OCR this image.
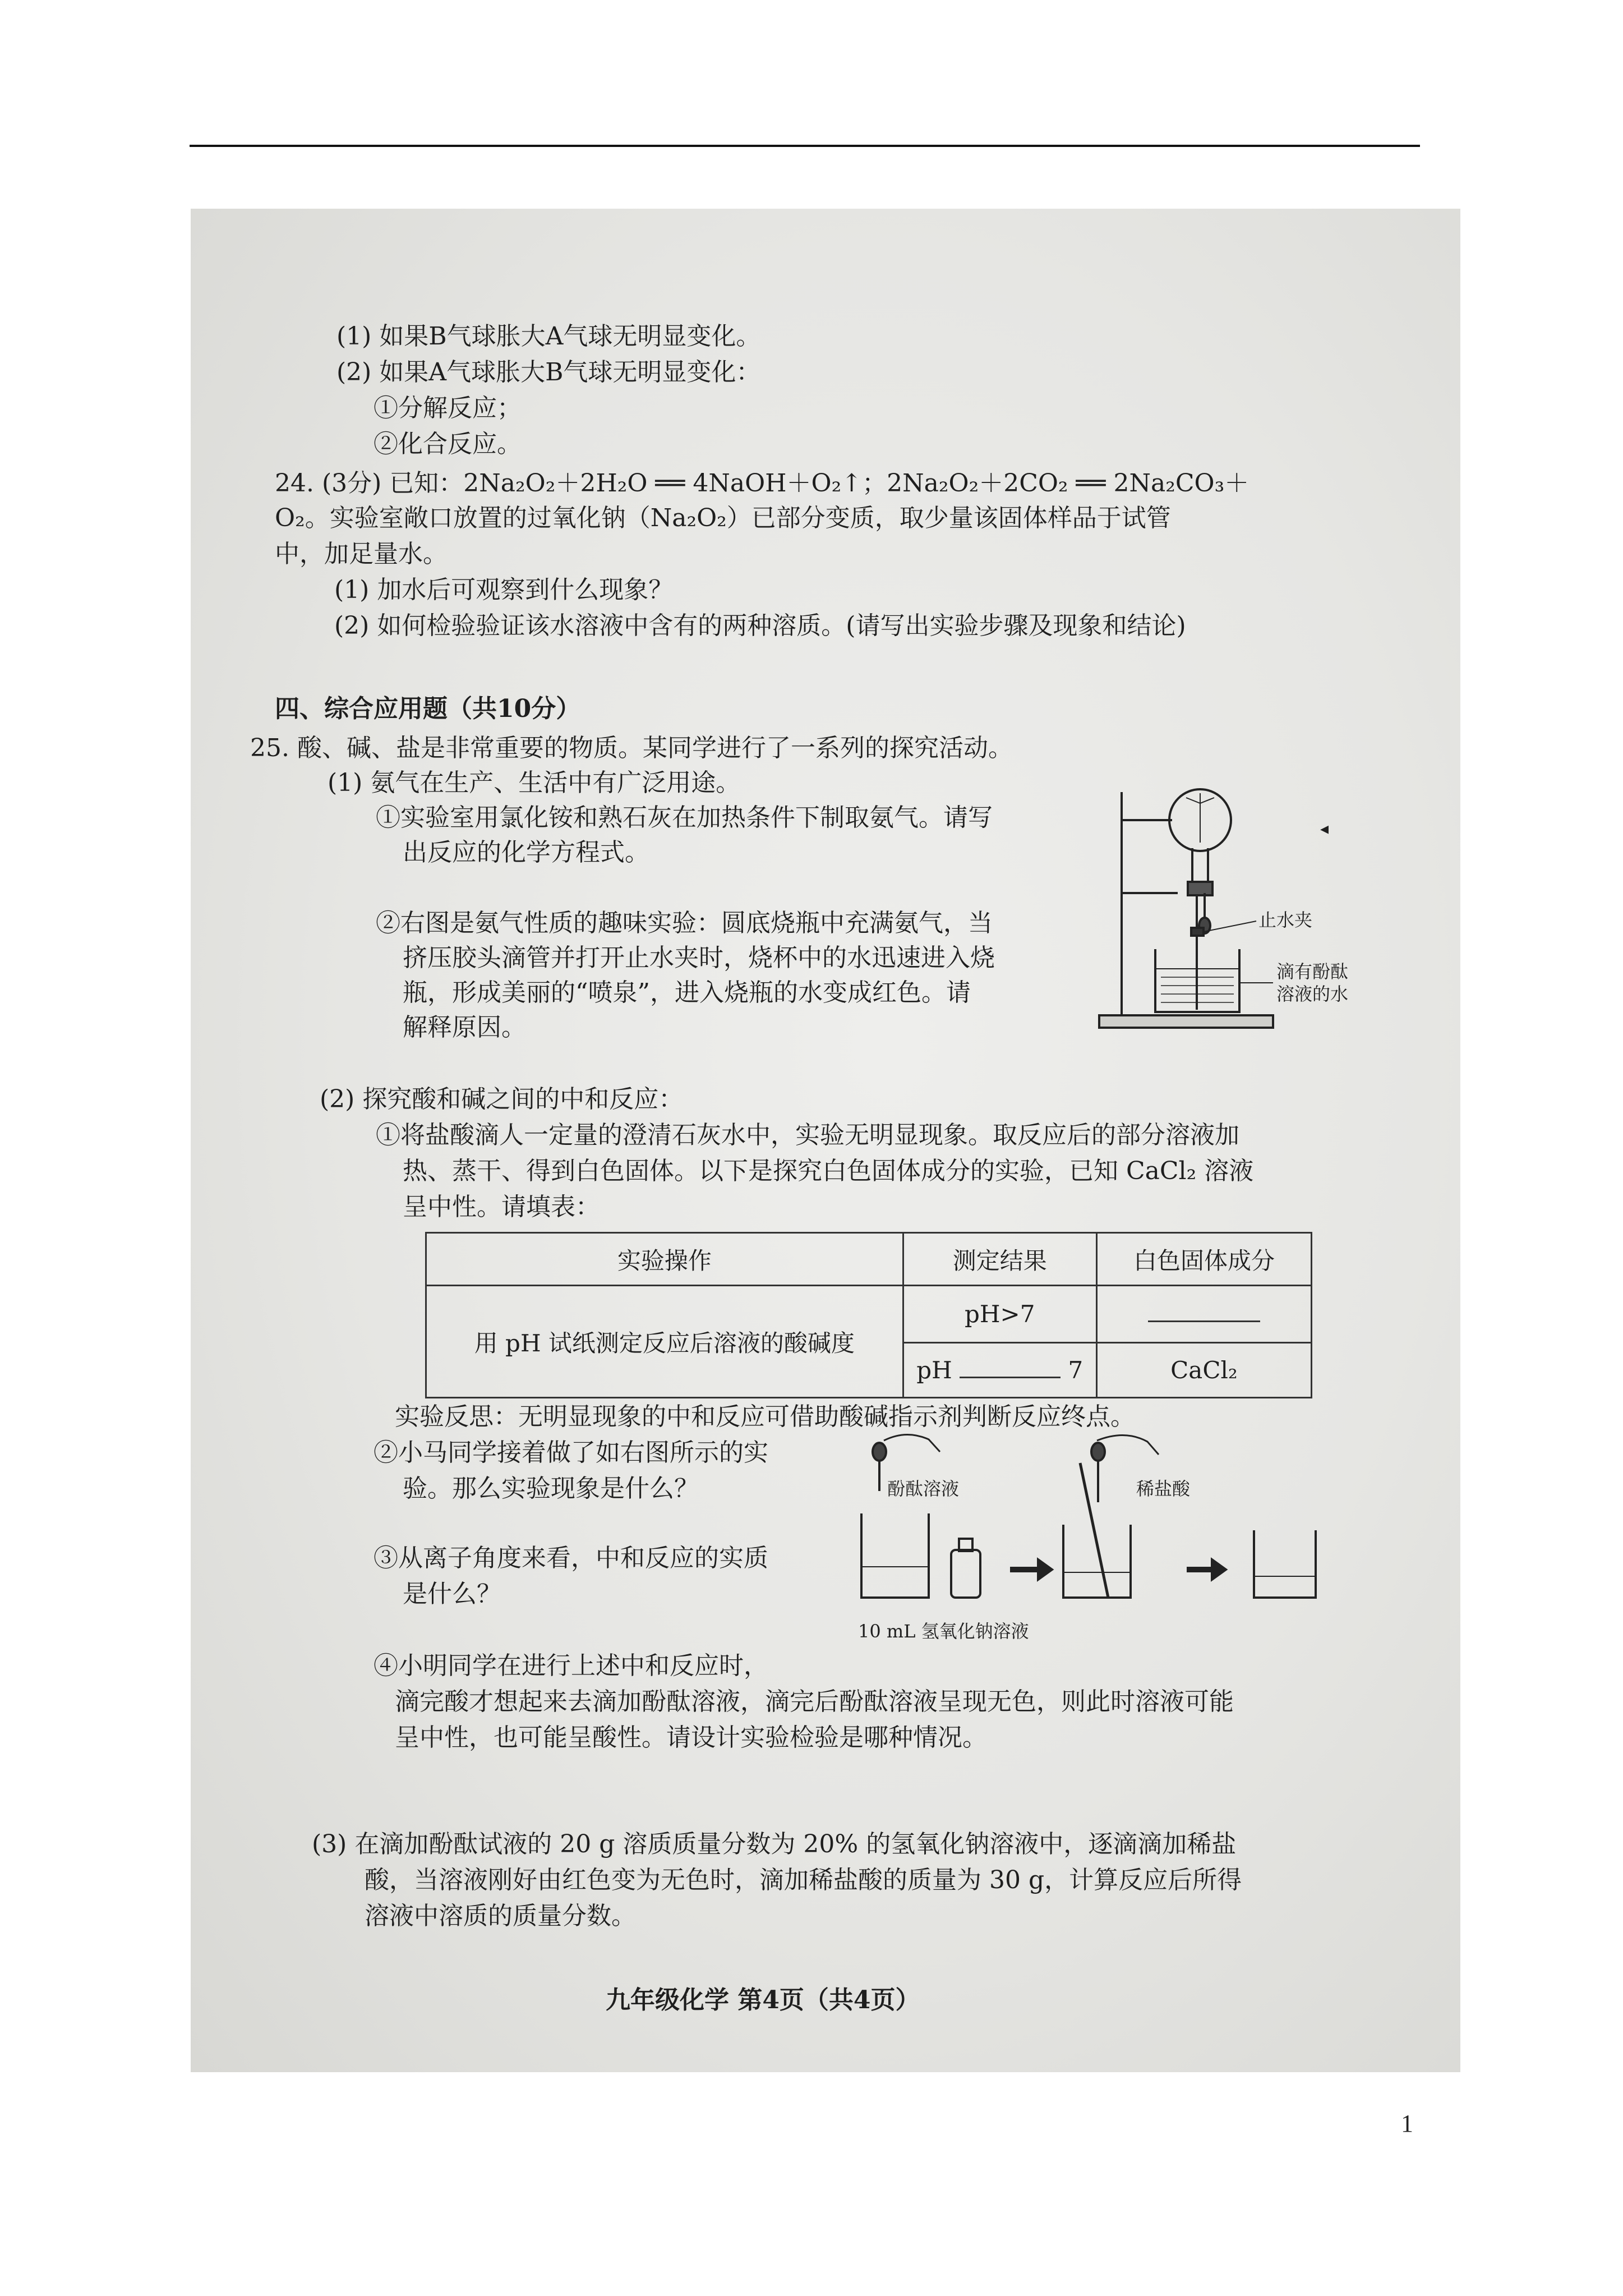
(1) 如果B气球胀大A气球无明显变化。
(2) 如果A气球胀大B气球无明显变化：
①分解反应；
②化合反应。
24. (3分) 已知：2Na₂O₂＋2H₂O ══ 4NaOH＋O₂↑；2Na₂O₂＋2CO₂ ══ 2Na₂CO₃＋
O₂。实验室敞口放置的过氧化钠（Na₂O₂）已部分变质，取少量该固体样品于试管
中，加足量水。
(1) 加水后可观察到什么现象？
(2) 如何检验验证该水溶液中含有的两种溶质。(请写出实验步骤及现象和结论)
四、综合应用题（共10分）
25. 酸、碱、盐是非常重要的物质。某同学进行了一系列的探究活动。
(1) 氨气在生产、生活中有广泛用途。
①实验室用氯化铵和熟石灰在加热条件下制取氨气。请写
出反应的化学方程式。
②右图是氨气性质的趣味实验：圆底烧瓶中充满氨气，当
挤压胶头滴管并打开止水夹时，烧杯中的水迅速进入烧
瓶，形成美丽的“喷泉”，进入烧瓶的水变成红色。请
解释原因。
止水夹
滴有酚酞
溶液的水
◂
(2) 探究酸和碱之间的中和反应：
①将盐酸滴人一定量的澄清石灰水中，实验无明显现象。取反应后的部分溶液加
热、蒸干、得到白色固体。以下是探究白色固体成分的实验，已知 CaCl₂ 溶液
呈中性。请填表：
实验操作	测定结果	白色固体成分
用 pH 试纸测定反应后溶液的酸碱度	pH>7	
	pH 7	CaCl₂
实验反思：无明显现象的中和反应可借助酸碱指示剂判断反应终点。
②小马同学接着做了如右图所示的实
验。那么实验现象是什么？
③从离子角度来看，中和反应的实质
是什么？
酚酞溶液	稀盐酸
10 mL 氢氧化钠溶液
④小明同学在进行上述中和反应时，
滴完酸才想起来去滴加酚酞溶液，滴完后酚酞溶液呈现无色，则此时溶液可能
呈中性，也可能呈酸性。请设计实验检验是哪种情况。
(3) 在滴加酚酞试液的 20 g 溶质质量分数为 20% 的氢氧化钠溶液中，逐滴滴加稀盐
酸，当溶液刚好由红色变为无色时，滴加稀盐酸的质量为 30 g，计算反应后所得
溶液中溶质的质量分数。
九年级化学 第4页（共4页）
1
